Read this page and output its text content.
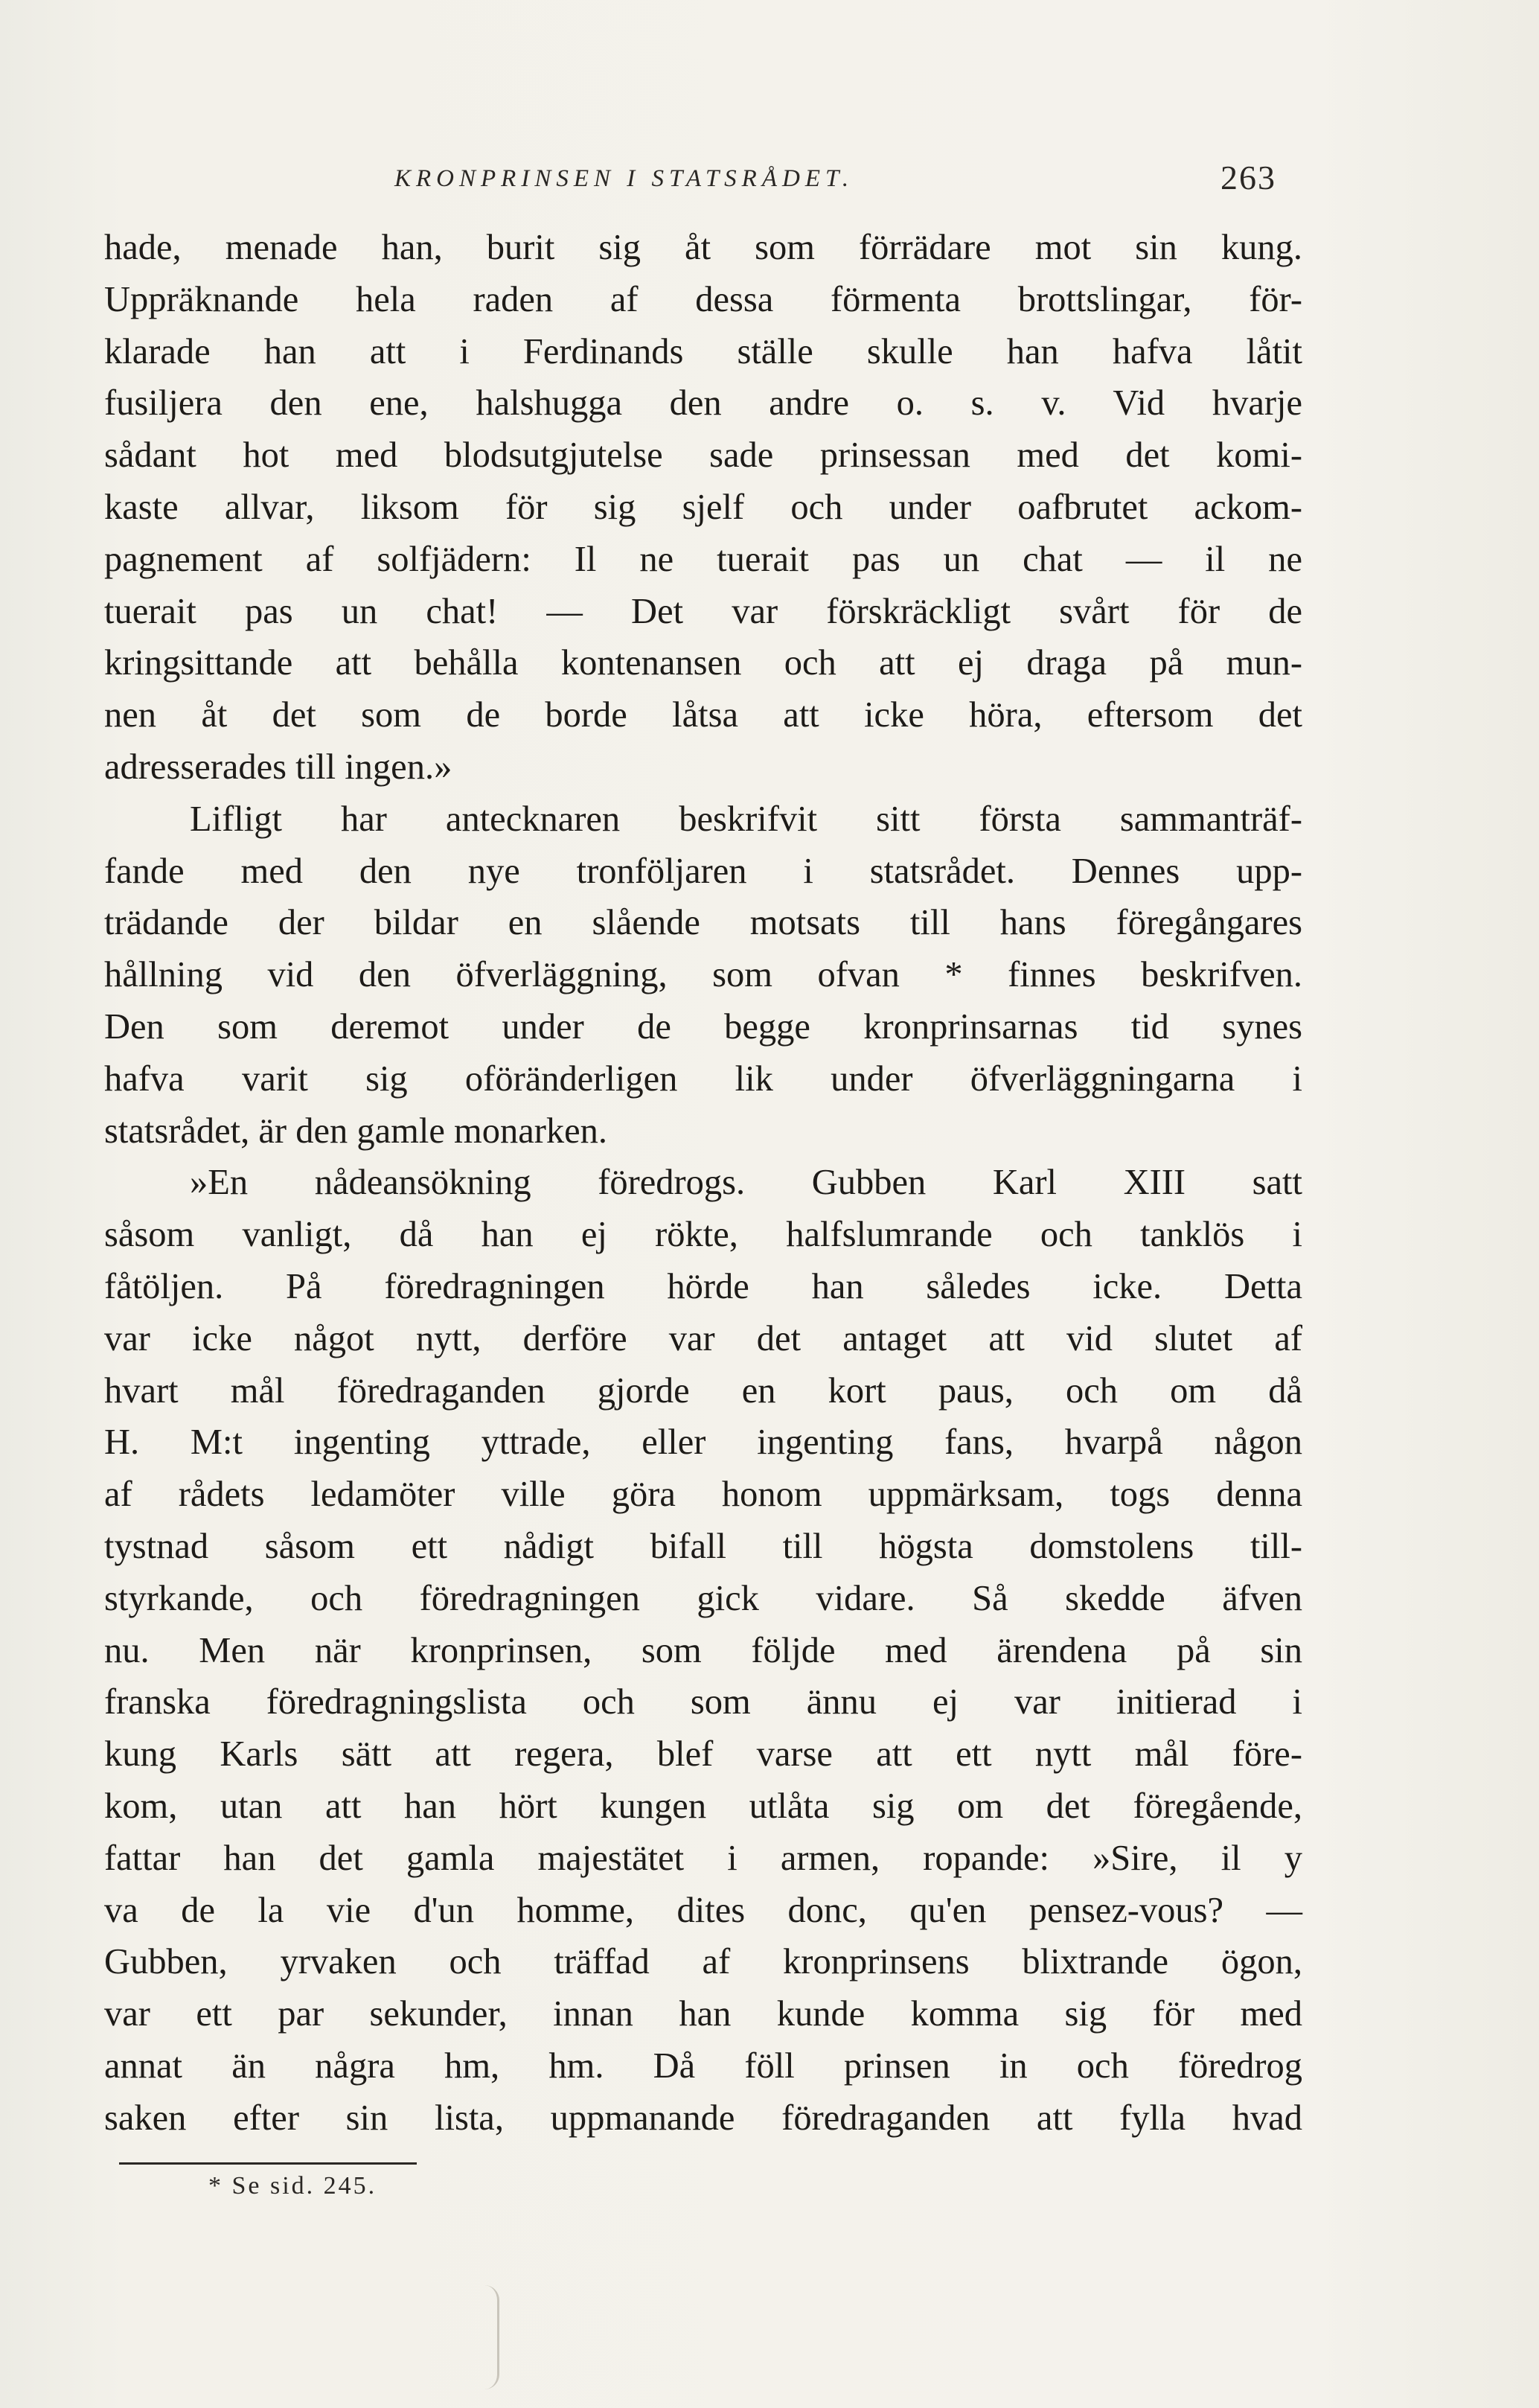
KRONPRINSEN I STATSRÅDET.	263
hade, menade han, burit sig åt som förrädare mot sin kung.
Uppräknande hela raden af dessa förmenta brottslingar, för-
klarade han att i Ferdinands ställe skulle han hafva låtit
fusiljera den ene, halshugga den andre o. s. v. Vid hvarje
sådant hot med blodsutgjutelse sade prinsessan med det komi-
kaste allvar, liksom för sig sjelf och under oafbrutet ackom-
pagnement af solfjädern: Il ne tuerait pas un chat — il ne
tuerait pas un chat! — Det var förskräckligt svårt för de
kringsittande att behålla kontenansen och att ej draga på mun-
nen åt det som de borde låtsa att icke höra, eftersom det
adresserades till ingen.»
Lifligt har antecknaren beskrifvit sitt första sammanträf-
fande med den nye tronföljaren i statsrådet. Dennes upp-
trädande der bildar en slående motsats till hans föregångares
hållning vid den öfverläggning, som ofvan * finnes beskrifven.
Den som deremot under de begge kronprinsarnas tid synes
hafva varit sig oföränderligen lik under öfverläggningarna i
statsrådet, är den gamle monarken.
»En nådeansökning föredrogs. Gubben Karl XIII satt
såsom vanligt, då han ej rökte, halfslumrande och tanklös i
fåtöljen. På föredragningen hörde han således icke. Detta
var icke något nytt, derföre var det antaget att vid slutet af
hvart mål föredraganden gjorde en kort paus, och om då
H. M:t ingenting yttrade, eller ingenting fans, hvarpå någon
af rådets ledamöter ville göra honom uppmärksam, togs denna
tystnad såsom ett nådigt bifall till högsta domstolens till-
styrkande, och föredragningen gick vidare. Så skedde äfven
nu. Men när kronprinsen, som följde med ärendena på sin
franska föredragningslista och som ännu ej var initierad i
kung Karls sätt att regera, blef varse att ett nytt mål före-
kom, utan att han hört kungen utlåta sig om det föregående,
fattar han det gamla majestätet i armen, ropande: »Sire, il y
va de la vie d'un homme, dites donc, qu'en pensez-vous? —
Gubben, yrvaken och träffad af kronprinsens blixtrande ögon,
var ett par sekunder, innan han kunde komma sig för med
annat än några hm, hm. Då föll prinsen in och föredrog
saken efter sin lista, uppmanande föredraganden att fylla hvad
* Se sid. 245.
